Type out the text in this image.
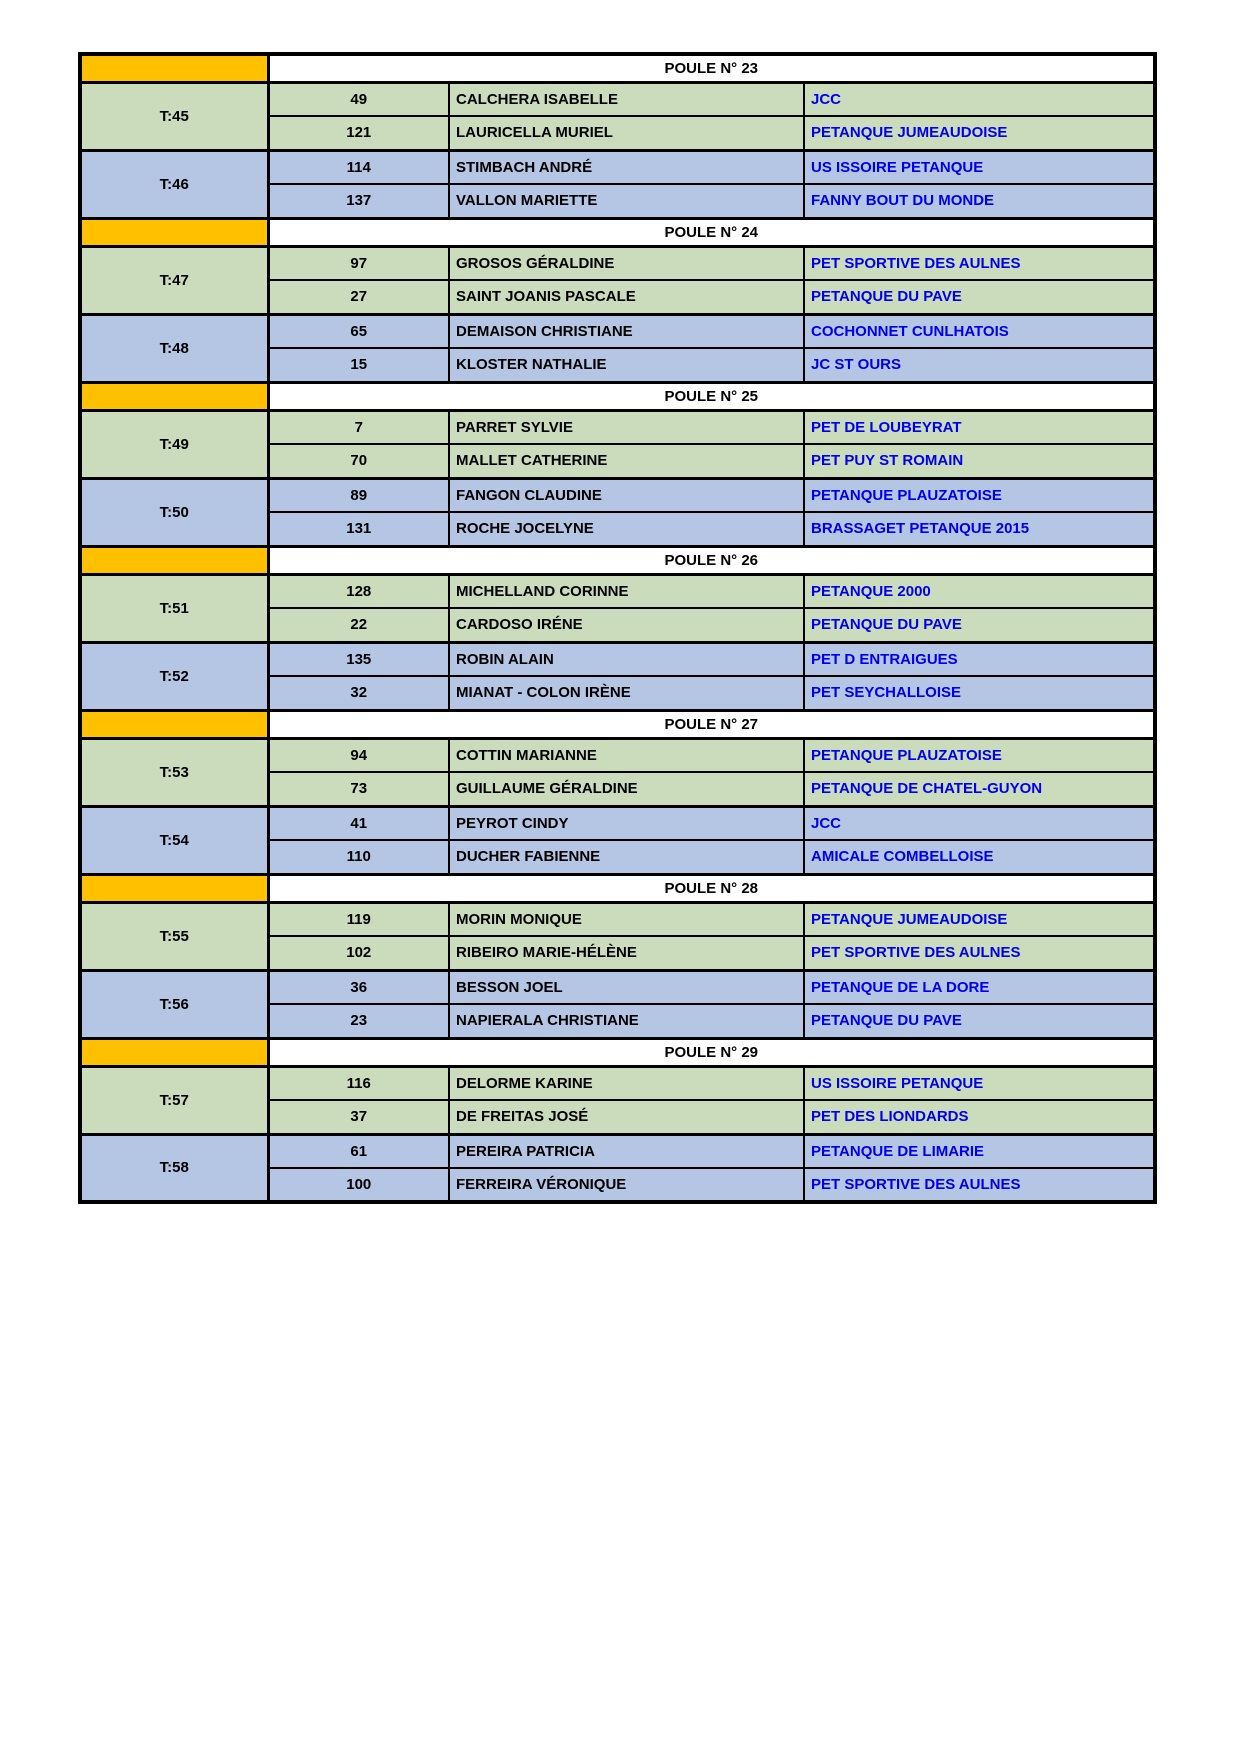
	POULE N° 23		
T:45	49	CALCHERA ISABELLE	JCC
	121	LAURICELLA MURIEL	PETANQUE JUMEAUDOISE
T:46	114	STIMBACH ANDRÉ	US ISSOIRE PETANQUE
	137	VALLON MARIETTE	FANNY BOUT DU MONDE
	POULE N° 24		
T:47	97	GROSOS GÉRALDINE	PET SPORTIVE DES AULNES
	27	SAINT JOANIS PASCALE	PETANQUE DU PAVE
T:48	65	DEMAISON CHRISTIANE	COCHONNET CUNLHATOIS
	15	KLOSTER NATHALIE	JC ST OURS
	POULE N° 25		
T:49	7	PARRET SYLVIE	PET DE LOUBEYRAT
	70	MALLET CATHERINE	PET PUY ST ROMAIN
T:50	89	FANGON CLAUDINE	PETANQUE PLAUZATOISE
	131	ROCHE JOCELYNE	BRASSAGET PETANQUE 2015
	POULE N° 26		
T:51	128	MICHELLAND CORINNE	PETANQUE 2000
	22	CARDOSO IRÉNE	PETANQUE DU PAVE
T:52	135	ROBIN ALAIN	PET D ENTRAIGUES
	32	MIANAT - COLON IRÈNE	PET SEYCHALLOISE
	POULE N° 27		
T:53	94	COTTIN MARIANNE	PETANQUE PLAUZATOISE
	73	GUILLAUME GÉRALDINE	PETANQUE DE CHATEL-GUYON
T:54	41	PEYROT CINDY	JCC
	110	DUCHER FABIENNE	AMICALE COMBELLOISE
	POULE N° 28		
T:55	119	MORIN MONIQUE	PETANQUE JUMEAUDOISE
	102	RIBEIRO MARIE-HÉLÈNE	PET SPORTIVE DES AULNES
T:56	36	BESSON JOEL	PETANQUE DE LA DORE
	23	NAPIERALA CHRISTIANE	PETANQUE DU PAVE
	POULE N° 29		
T:57	116	DELORME KARINE	US ISSOIRE PETANQUE
	37	DE FREITAS JOSÉ	PET DES LIONDARDS
T:58	61	PEREIRA PATRICIA	PETANQUE DE LIMARIE
	100	FERREIRA VÉRONIQUE	PET SPORTIVE DES AULNES
